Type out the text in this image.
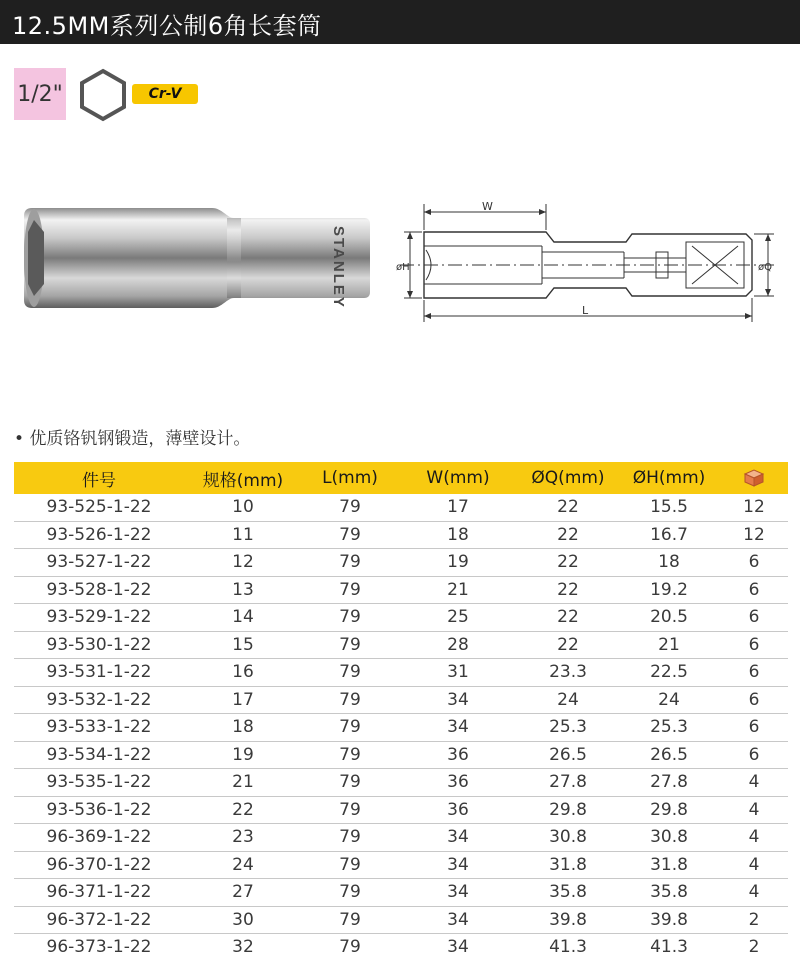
12.5MM系列公制6角长套筒
1/2"	Cr-V
STANLEY
W
L
øH	øQ
• 优质铬钒钢锻造，薄壁设计。
件号	规格(mm)	L(mm)	W(mm)	ØQ(mm)	ØH(mm)	
93-525-1-22	10	79	17	22	15.5	12
93-526-1-22	11	79	18	22	16.7	12
93-527-1-22	12	79	19	22	18	6
93-528-1-22	13	79	21	22	19.2	6
93-529-1-22	14	79	25	22	20.5	6
93-530-1-22	15	79	28	22	21	6
93-531-1-22	16	79	31	23.3	22.5	6
93-532-1-22	17	79	34	24	24	6
93-533-1-22	18	79	34	25.3	25.3	6
93-534-1-22	19	79	36	26.5	26.5	6
93-535-1-22	21	79	36	27.8	27.8	4
93-536-1-22	22	79	36	29.8	29.8	4
96-369-1-22	23	79	34	30.8	30.8	4
96-370-1-22	24	79	34	31.8	31.8	4
96-371-1-22	27	79	34	35.8	35.8	4
96-372-1-22	30	79	34	39.8	39.8	2
96-373-1-22	32	79	34	41.3	41.3	2
